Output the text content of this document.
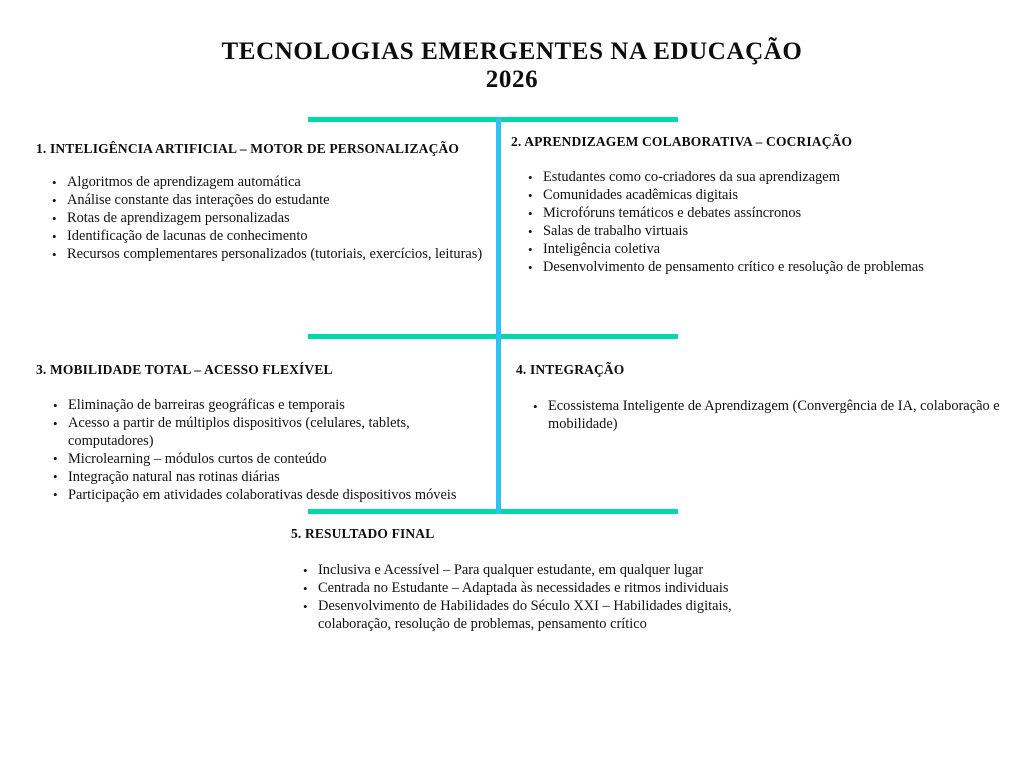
TECNOLOGIAS EMERGENTES NA EDUCAÇÃO
2026
1. INTELIGÊNCIA ARTIFICIAL – MOTOR DE PERSONALIZAÇÃO
• Algoritmos de aprendizagem automática
• Análise constante das interações do estudante
• Rotas de aprendizagem personalizadas
• Identificação de lacunas de conhecimento
• Recursos complementares personalizados (tutoriais, exercícios, leituras)
2. APRENDIZAGEM COLABORATIVA – COCRIAÇÃO
• Estudantes como co-criadores da sua aprendizagem
• Comunidades acadêmicas digitais
• Microfóruns temáticos e debates assíncronos
• Salas de trabalho virtuais
• Inteligência coletiva
• Desenvolvimento de pensamento crítico e resolução de problemas
3. MOBILIDADE TOTAL – ACESSO FLEXÍVEL
• Eliminação de barreiras geográficas e temporais
• Acesso a partir de múltiplos dispositivos (celulares, tablets, computadores)
• Microlearning – módulos curtos de conteúdo
• Integração natural nas rotinas diárias
• Participação em atividades colaborativas desde dispositivos móveis
4. INTEGRAÇÃO
• Ecossistema Inteligente de Aprendizagem (Convergência de IA, colaboração e mobilidade)
5. RESULTADO FINAL
• Inclusiva e Acessível – Para qualquer estudante, em qualquer lugar
• Centrada no Estudante – Adaptada às necessidades e ritmos individuais
• Desenvolvimento de Habilidades do Século XXI – Habilidades digitais, colaboração, resolução de problemas, pensamento crítico
